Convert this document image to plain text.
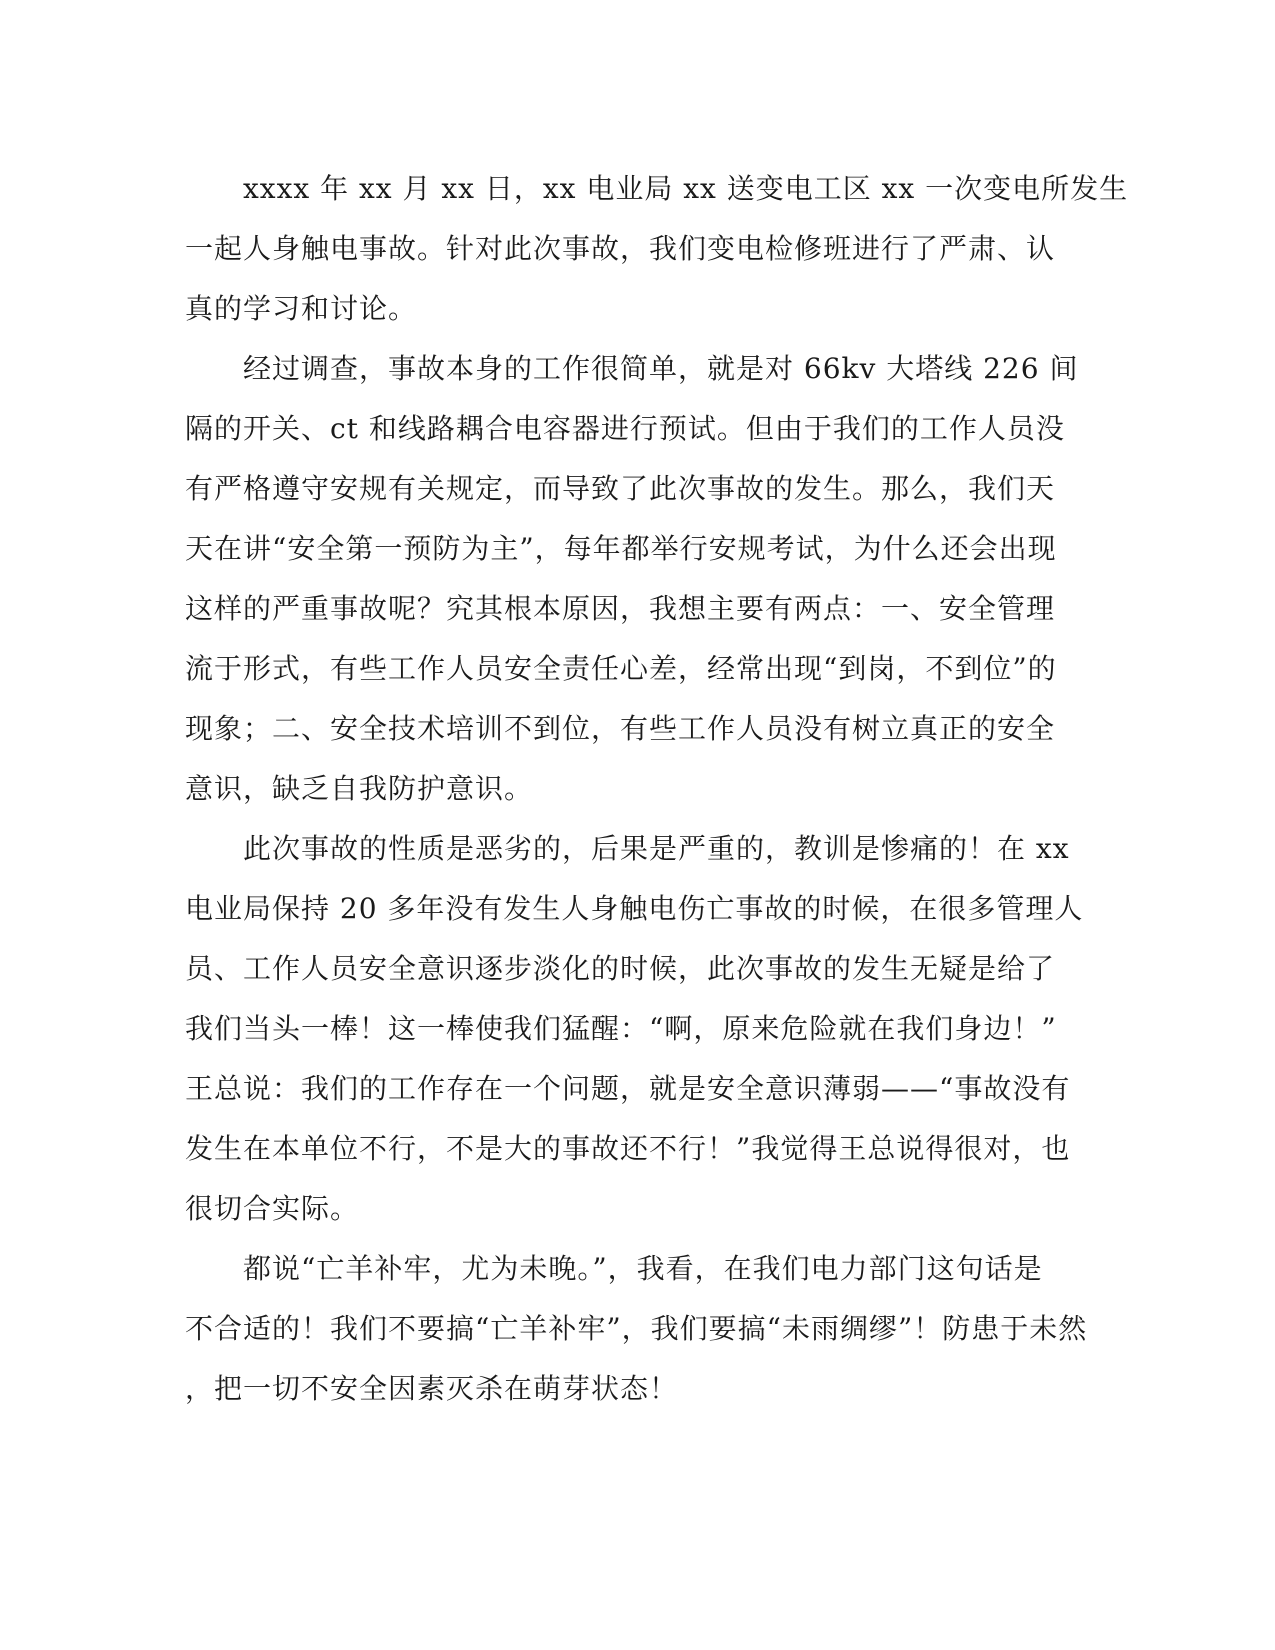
　　xxxx 年 xx 月 xx 日，xx 电业局 xx 送变电工区 xx 一次变电所发生
一起人身触电事故。针对此次事故，我们变电检修班进行了严肃、认
真的学习和讨论。
　　经过调查，事故本身的工作很简单，就是对 66kv 大塔线 226 间
隔的开关、ct 和线路耦合电容器进行预试。但由于我们的工作人员没
有严格遵守安规有关规定，而导致了此次事故的发生。那么，我们天
天在讲“安全第一预防为主”，每年都举行安规考试，为什么还会出现
这样的严重事故呢？究其根本原因，我想主要有两点：一、安全管理
流于形式，有些工作人员安全责任心差，经常出现“到岗，不到位”的
现象；二、安全技术培训不到位，有些工作人员没有树立真正的安全
意识，缺乏自我防护意识。
　　此次事故的性质是恶劣的，后果是严重的，教训是惨痛的！在 xx
电业局保持 20 多年没有发生人身触电伤亡事故的时候，在很多管理人
员、工作人员安全意识逐步淡化的时候，此次事故的发生无疑是给了
我们当头一棒！这一棒使我们猛醒：“啊，原来危险就在我们身边！”
王总说：我们的工作存在一个问题，就是安全意识薄弱——“事故没有
发生在本单位不行，不是大的事故还不行！”我觉得王总说得很对，也
很切合实际。
　　都说“亡羊补牢，尤为未晚。”，我看，在我们电力部门这句话是
不合适的！我们不要搞“亡羊补牢”，我们要搞“未雨绸缪”！防患于未然
，把一切不安全因素灭杀在萌芽状态！
